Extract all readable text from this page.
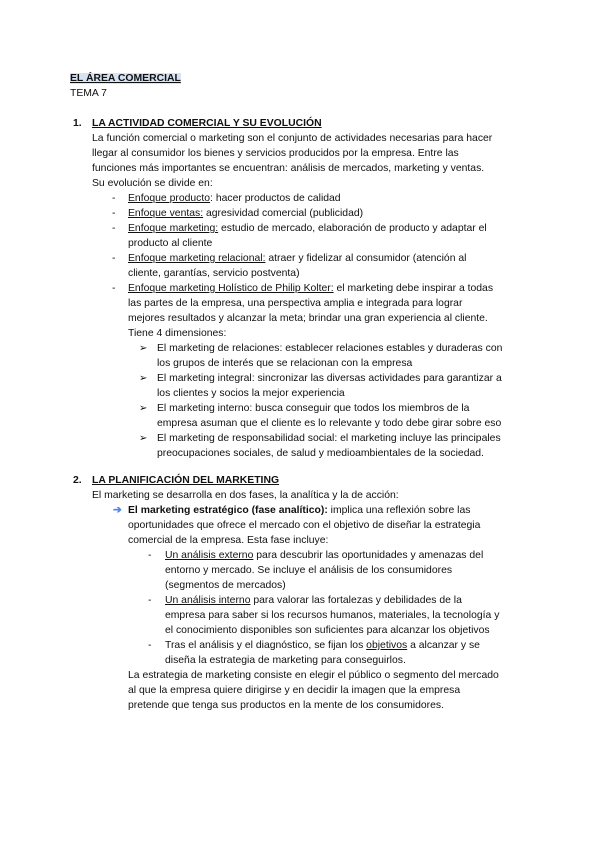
EL ÁREA COMERCIAL
TEMA 7
1. LA ACTIVIDAD COMERCIAL Y SU EVOLUCIÓN
La función comercial o marketing son el conjunto de actividades necesarias para hacer
llegar al consumidor los bienes y servicios producidos por la empresa. Entre las
funciones más importantes se encuentran: análisis de mercados, marketing y ventas.
Su evolución se divide en:
- Enfoque producto: hacer productos de calidad
- Enfoque ventas: agresividad comercial (publicidad)
- Enfoque marketing: estudio de mercado, elaboración de producto y adaptar el
producto al cliente
- Enfoque marketing relacional: atraer y fidelizar al consumidor (atención al
cliente, garantías, servicio postventa)
- Enfoque marketing Holístico de Philip Kolter: el marketing debe inspirar a todas
las partes de la empresa, una perspectiva amplia e integrada para lograr
mejores resultados y alcanzar la meta; brindar una gran experiencia al cliente.
Tiene 4 dimensiones:
➢ El marketing de relaciones: establecer relaciones estables y duraderas con
los grupos de interés que se relacionan con la empresa
➢ El marketing integral: sincronizar las diversas actividades para garantizar a
los clientes y socios la mejor experiencia
➢ El marketing interno: busca conseguir que todos los miembros de la
empresa asuman que el cliente es lo relevante y todo debe girar sobre eso
➢ El marketing de responsabilidad social: el marketing incluye las principales
preocupaciones sociales, de salud y medioambientales de la sociedad.
2. LA PLANIFICACIÓN DEL MARKETING
El marketing se desarrolla en dos fases, la analítica y la de acción:
➔ El marketing estratégico (fase analítico): implica una reflexión sobre las
oportunidades que ofrece el mercado con el objetivo de diseñar la estrategia
comercial de la empresa. Esta fase incluye:
- Un análisis externo para descubrir las oportunidades y amenazas del
entorno y mercado. Se incluye el análisis de los consumidores
(segmentos de mercados)
- Un análisis interno para valorar las fortalezas y debilidades de la
empresa para saber si los recursos humanos, materiales, la tecnología y
el conocimiento disponibles son suficientes para alcanzar los objetivos
- Tras el análisis y el diagnóstico, se fijan los objetivos a alcanzar y se
diseña la estrategia de marketing para conseguirlos.
La estrategia de marketing consiste en elegir el público o segmento del mercado
al que la empresa quiere dirigirse y en decidir la imagen que la empresa
pretende que tenga sus productos en la mente de los consumidores.
